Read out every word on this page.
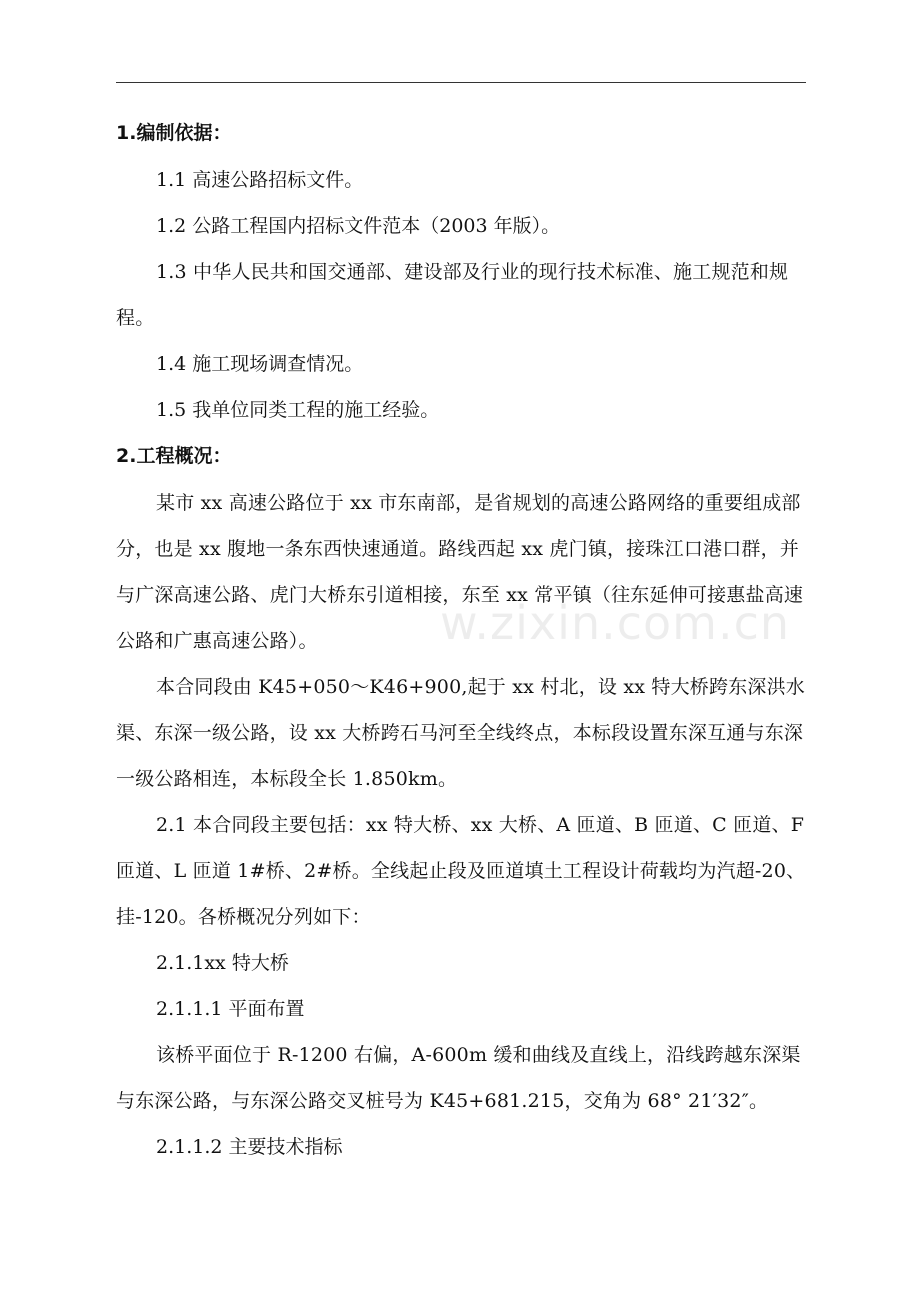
w.zixin.com.cn

1.编制依据：

1.1 高速公路招标文件。

1.2 公路工程国内招标文件范本（2003 年版）。

1.3 中华人民共和国交通部、建设部及行业的现行技术标准、施工规范和规程。

1.4 施工现场调查情况。

1.5 我单位同类工程的施工经验。

2.工程概况：

某市 xx 高速公路位于 xx 市东南部，是省规划的高速公路网络的重要组成部分，也是 xx 腹地一条东西快速通道。路线西起 xx 虎门镇，接珠江口港口群，并与广深高速公路、虎门大桥东引道相接，东至 xx 常平镇（往东延伸可接惠盐高速公路和广惠高速公路）。

本合同段由 K45+050～K46+900,起于 xx 村北，设 xx 特大桥跨东深洪水渠、东深一级公路，设 xx 大桥跨石马河至全线终点，本标段设置东深互通与东深一级公路相连，本标段全长 1.850km。

2.1 本合同段主要包括：xx 特大桥、xx 大桥、A 匝道、B 匝道、C 匝道、F 匝道、L 匝道 1#桥、2#桥。全线起止段及匝道填土工程设计荷载均为汽超-20、挂-120。各桥概况分列如下：

2.1.1xx 特大桥

2.1.1.1 平面布置

该桥平面位于 R-1200 右偏，A-600m 缓和曲线及直线上，沿线跨越东深渠与东深公路，与东深公路交叉桩号为 K45+681.215，交角为 68° 21′32″。

2.1.1.2 主要技术指标
